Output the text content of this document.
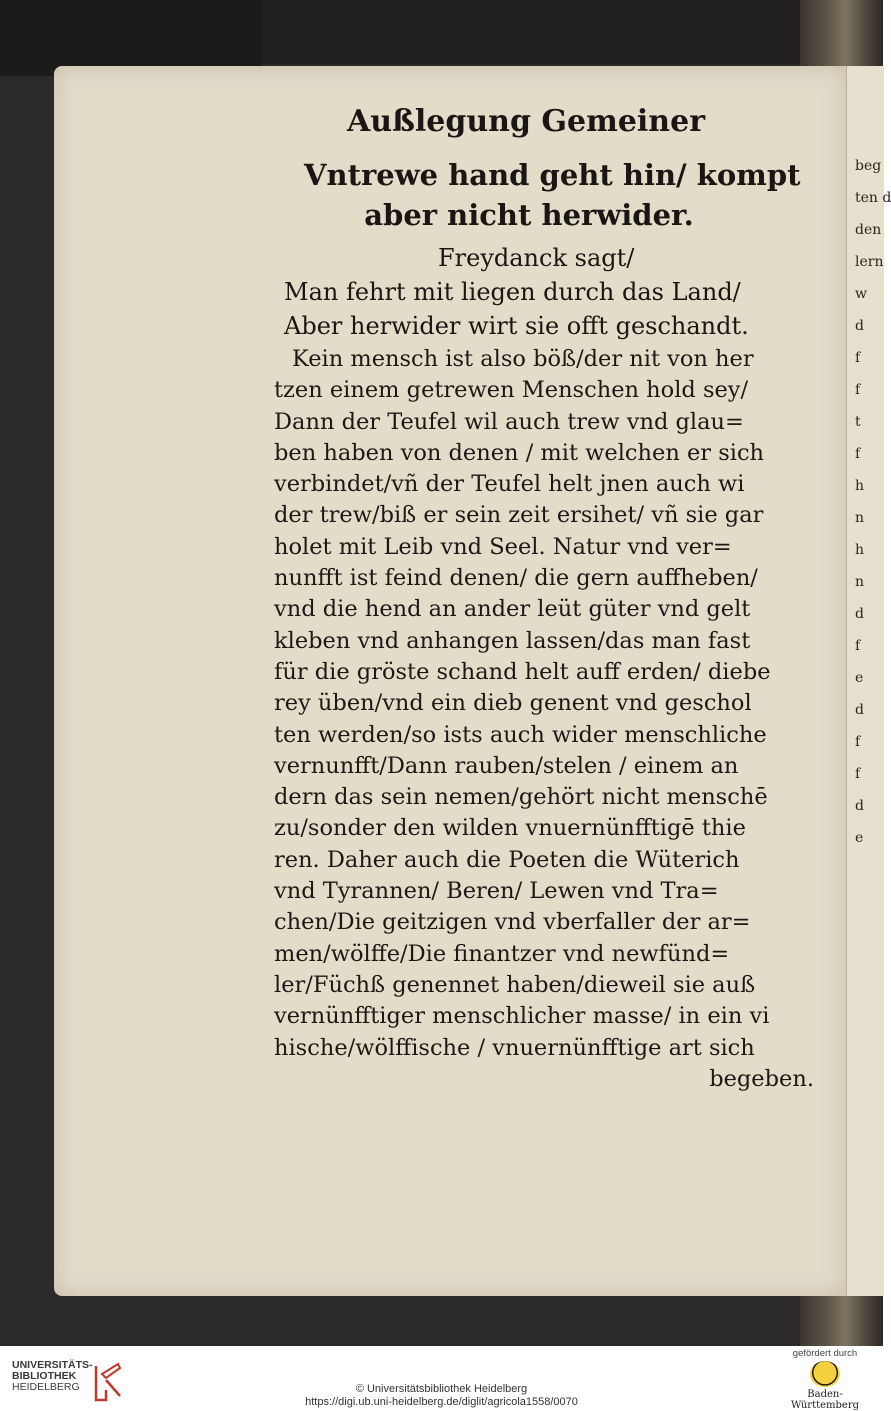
Außlegung Gemeiner
Vntrewe hand geht hin/ kompt
aber nicht herwider.
Freydanck sagt/
Man fehrt mit liegen durch das Land/
Aber herwider wirt sie offt geschandt.
Kein mensch ist also böß/der nit von her
tzen einem getrewen Menschen hold sey/
Dann der Teufel wil auch trew vnd glau=
ben haben von denen / mit welchen er sich
verbindet/vñ der Teufel helt jnen auch wi
der trew/biß er sein zeit ersihet/ vñ sie gar
holet mit Leib vnd Seel. Natur vnd ver=
nunfft ist feind denen/ die gern auffheben/
vnd die hend an ander leüt güter vnd gelt
kleben vnd anhangen lassen/das man fast
für die gröste schand helt auff erden/ diebe
rey üben/vnd ein dieb genent vnd geschol
ten werden/so ists auch wider menschliche
vernunfft/Dann rauben/stelen / einem an
dern das sein nemen/gehört nicht menschē
zu/sonder den wilden vnuernünfftigē thie
ren. Daher auch die Poeten die Wüterich
vnd Tyrannen/ Beren/ Lewen vnd Tra=
chen/Die geitzigen vnd vberfaller der ar=
men/wölffe/Die finantzer vnd newfünd=
ler/Füchß genennet haben/dieweil sie auß
vernünfftiger menschlicher masse/ in ein vi
hische/wölffische / vnuernünfftige art sich
begeben.
beg
ten d
den
lern
w
d
f
f
t
f
h
n
h
n
d
f
e
d
f
f
d
e
UNIVERSITÄTS-
BIBLIOTHEK
HEIDELBERG	© Universitätsbibliothek Heidelberg
https://digi.ub.uni-heidelberg.de/diglit/agricola1558/0070
gefördert durch
Baden-Württemberg
